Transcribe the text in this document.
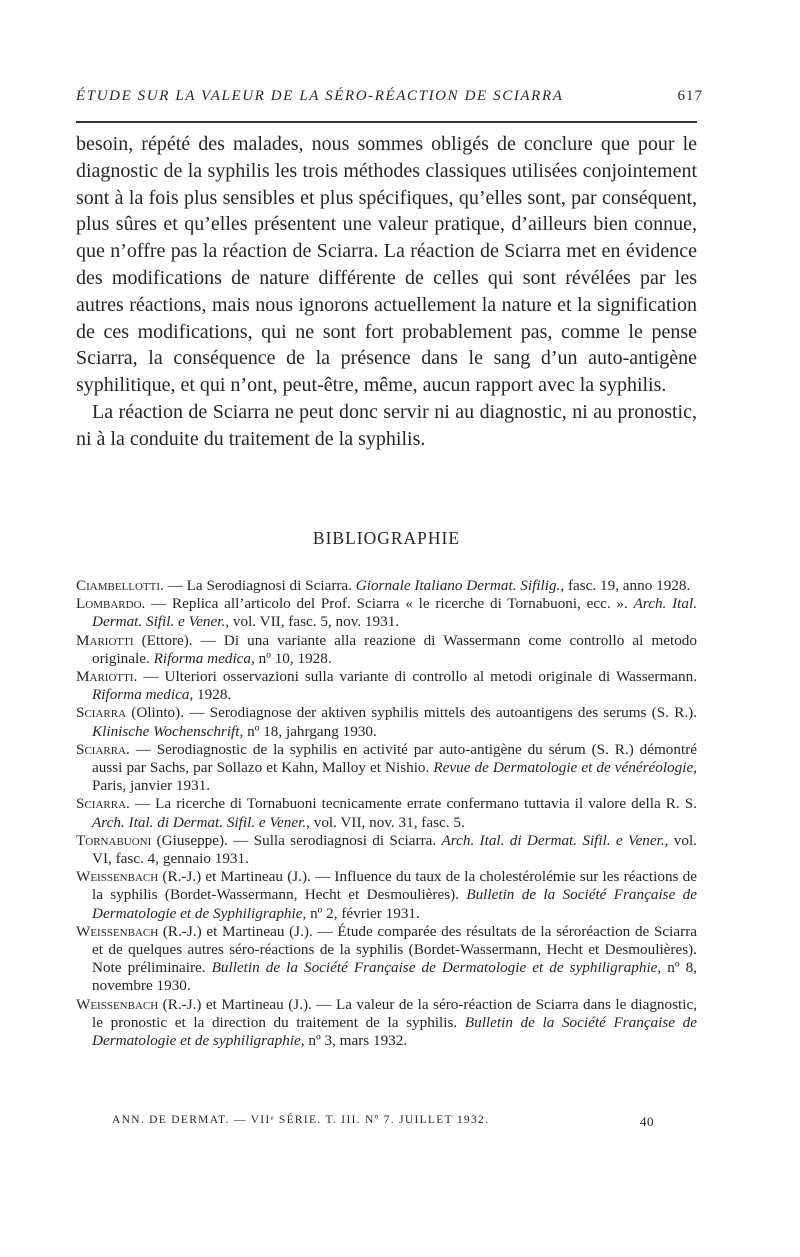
ÉTUDE SUR LA VALEUR DE LA SÉRO-RÉACTION DE SCIARRA	617

besoin, répété des malades, nous sommes obligés de conclure que pour le diagnostic de la syphilis les trois méthodes classiques utilisées conjointement sont à la fois plus sensibles et plus spécifiques, qu’elles sont, par conséquent, plus sûres et qu’elles présentent une valeur pratique, d’ailleurs bien connue, que n’offre pas la réaction de Sciarra. La réaction de Sciarra met en évidence des modifications de nature différente de celles qui sont révélées par les autres réactions, mais nous ignorons actuellement la nature et la signification de ces modifications, qui ne sont fort probablement pas, comme le pense Sciarra, la conséquence de la présence dans le sang d’un auto-antigène syphilitique, et qui n’ont, peut-être, même, aucun rapport avec la syphilis.

La réaction de Sciarra ne peut donc servir ni au diagnostic, ni au pronostic, ni à la conduite du traitement de la syphilis.

BIBLIOGRAPHIE

Ciambellotti. — La Serodiagnosi di Sciarra. Giornale Italiano Dermat. Sifilig., fasc. 19, anno 1928.

Lombardo. — Replica all’articolo del Prof. Sciarra « le ricerche di Tornabuoni, ecc. ». Arch. Ital. Dermat. Sifil. e Vener., vol. VII, fasc. 5, nov. 1931.

Mariotti (Ettore). — Di una variante alla reazione di Wassermann come controllo al metodo originale. Riforma medica, nº 10, 1928.

Mariotti. — Ulteriori osservazioni sulla variante di controllo al metodi originale di Wassermann. Riforma medica, 1928.

Sciarra (Olinto). — Serodiagnose der aktiven syphilis mittels des autoantigens des serums (S. R.). Klinische Wochenschrift, nº 18, jahrgang 1930.

Sciarra. — Serodiagnostic de la syphilis en activité par auto-antigène du sérum (S. R.) démontré aussi par Sachs, par Sollazo et Kahn, Malloy et Nishio. Revue de Dermatologie et de vénéréologie, Paris, janvier 1931.

Sciarra. — La ricerche di Tornabuoni tecnicamente errate confermano tuttavia il valore della R. S. Arch. Ital. di Dermat. Sifil. e Vener., vol. VII, nov. 31, fasc. 5.

Tornabuoni (Giuseppe). — Sulla serodiagnosi di Sciarra. Arch. Ital. di Dermat. Sifil. e Vener., vol. VI, fasc. 4, gennaio 1931.

Weissenbach (R.-J.) et Martineau (J.). — Influence du taux de la cholestérolémie sur les réactions de la syphilis (Bordet-Wassermann, Hecht et Desmoulières). Bulletin de la Société Française de Dermatologie et de Syphiligraphie, nº 2, février 1931.

Weissenbach (R.-J.) et Martineau (J.). — Étude comparée des résultats de la séroréaction de Sciarra et de quelques autres séro-réactions de la syphilis (Bordet-Wassermann, Hecht et Desmoulières). Note préliminaire. Bulletin de la Société Française de Dermatologie et de syphiligraphie, nº 8, novembre 1930.

Weissenbach (R.-J.) et Martineau (J.). — La valeur de la séro-réaction de Sciarra dans le diagnostic, le pronostic et la direction du traitement de la syphilis. Bulletin de la Société Française de Dermatologie et de syphiligraphie, nº 3, mars 1932.

ANN. DE DERMAT. — VIIᵉ SÉRIE. T. III. Nº 7. JUILLET 1932.	40
